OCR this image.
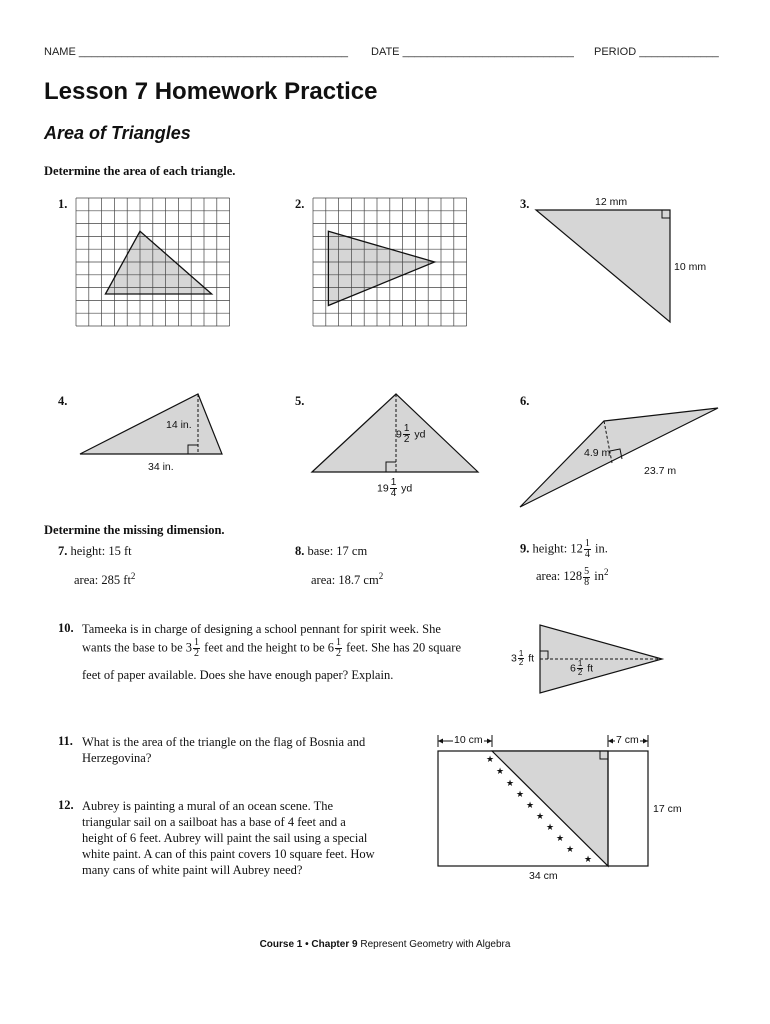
NAME ____________________________________________ DATE ____________________________ PERIOD _____________
Lesson 7 Homework Practice
Area of Triangles
Determine the area of each triangle.
1.	2.	3.	12 mm
10 mm
4.	5.	6.
14 in.
34 in.
$9 \frac{1}{2}$ yd
$19 \frac{1}{4}$ yd
4.9 m
23.7 m
Determine the missing dimension.
7. height: 15 ft
area: 285 $ft^2$
8. base: 17 cm
area: 18.7 $cm^2$
9. height: $12 \frac{1}{4}$ in.
area: $128 \frac{5}{8} in^2$
10. Tameeka is in charge of designing a school pennant for spirit week. She
wants the base to be $3 \frac{1}{2}$ feet and the height to be $6 \frac{1}{2}$ feet. She has 20 square
feet of paper available. Does she have enough paper? Explain.
$3 \frac{1}{2}$ ft
$6 \frac{1}{2}$ ft
11. What is the area of the triangle on the flag of Bosnia and
Herzegovina?
12. Aubrey is painting a mural of an ocean scene. The
triangular sail on a sailboat has a base of 4 feet and a
height of 6 feet. Aubrey will paint the sail using a special
white paint. A can of this paint covers 10 square feet. How
many cans of white paint will Aubrey need?
★
★
★
★
★
★
★
★
★
★
10 cm	7 cm
17 cm
34 cm
Course 1 • Chapter 9 Represent Geometry with Algebra
